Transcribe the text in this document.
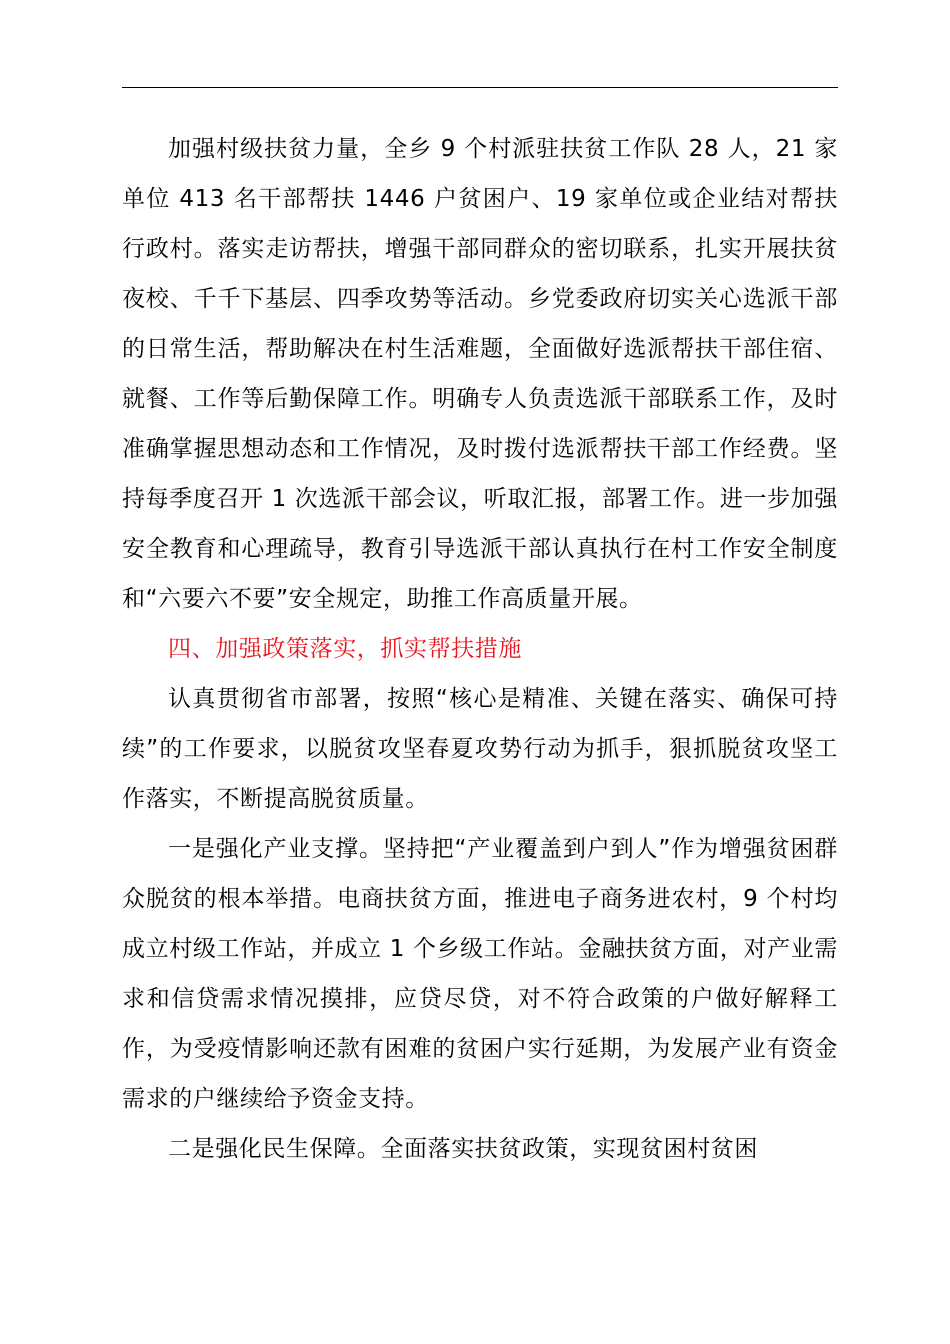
加强村级扶贫力量，全乡 9 个村派驻扶贫工作队 28 人，21 家单位 413 名干部帮扶 1446 户贫困户、19 家单位或企业结对帮扶行政村。落实走访帮扶，增强干部同群众的密切联系，扎实开展扶贫夜校、千千下基层、四季攻势等活动。乡党委政府切实关心选派干部的日常生活，帮助解决在村生活难题，全面做好选派帮扶干部住宿、就餐、工作等后勤保障工作。明确专人负责选派干部联系工作，及时准确掌握思想动态和工作情况，及时拨付选派帮扶干部工作经费。坚持每季度召开 1 次选派干部会议，听取汇报，部署工作。进一步加强安全教育和心理疏导，教育引导选派干部认真执行在村工作安全制度和“六要六不要”安全规定，助推工作高质量开展。

四、加强政策落实，抓实帮扶措施

认真贯彻省市部署，按照“核心是精准、关键在落实、确保可持续”的工作要求，以脱贫攻坚春夏攻势行动为抓手，狠抓脱贫攻坚工作落实，不断提高脱贫质量。

一是强化产业支撑。坚持把“产业覆盖到户到人”作为增强贫困群众脱贫的根本举措。电商扶贫方面，推进电子商务进农村，9 个村均成立村级工作站，并成立 1 个乡级工作站。金融扶贫方面，对产业需求和信贷需求情况摸排，应贷尽贷，对不符合政策的户做好解释工作，为受疫情影响还款有困难的贫困户实行延期，为发展产业有资金需求的户继续给予资金支持。

二是强化民生保障。全面落实扶贫政策，实现贫困村贫困
